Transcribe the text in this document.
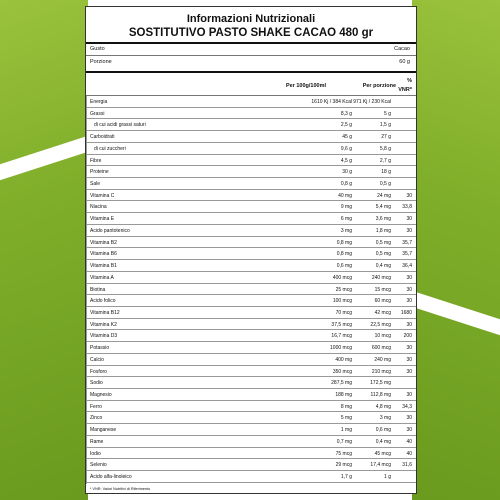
Informazioni Nutrizionali
SOSTITUTIVO PASTO SHAKE CACAO 480 gr
Gusto	Cacao
Porzione	60 g
Per 100g/100ml	Per porzione
%
VNR*
Energia	1610 Kj / 384 Kcal 971 Kj / 230 Kcal
Grassi	8,3 g	5 g
di cui acidi grassi saturi	2,5 g	1,5 g
Carboidrati	45 g	27 g
di cui zuccheri	9,6 g	5,8 g
Fibre	4,5 g	2,7 g
Proteine	30 g	18 g
Sale	0,8 g	0,5 g
Vitamina C	40 mg	24 mg	30
Niacina	9 mg	5,4 mg	33,8
Vitamina E	6 mg	3,6 mg	30
Acido pantotenico	3 mg	1,8 mg	30
Vitamina B2	0,8 mg	0,5 mg	35,7
Vitamina B6	0,8 mg	0,5 mg	35,7
Vitamina B1	0,6 mg	0,4 mg	36,4
Vitamina A	400 mcg	240 mcg	30
Biotina	25 mcg	15 mcg	30
Acido folico	100 mcg	60 mcg	30
Vitamina B12	70 mcg	42 mcg	1680
Vitamina K2	37,5 mcg	22,5 mcg	30
Vitamina D3	16,7 mcg	10 mcg	200
Potassio	1000 mcg	600 mcg	30
Calcio	400 mg	240 mg	30
Fosforo	350 mcg	210 mcg	30
Sodio	287,5 mg	172,5 mg
Magnesio	188 mg	112,8 mg	30
Ferro	8 mg	4,8 mg	34,3
Zinco	5 mg	3 mg	30
Manganese	1 mg	0,6 mg	30
Rame	0,7 mg	0,4 mg	40
Iodio	75 mcg	45 mcg	40
Selenio	29 mcg	17,4 mcg	31,6
Acido alfa-linoleico	1,7 g	1 g
* VNR: Valori Nutritivi di Riferimento
